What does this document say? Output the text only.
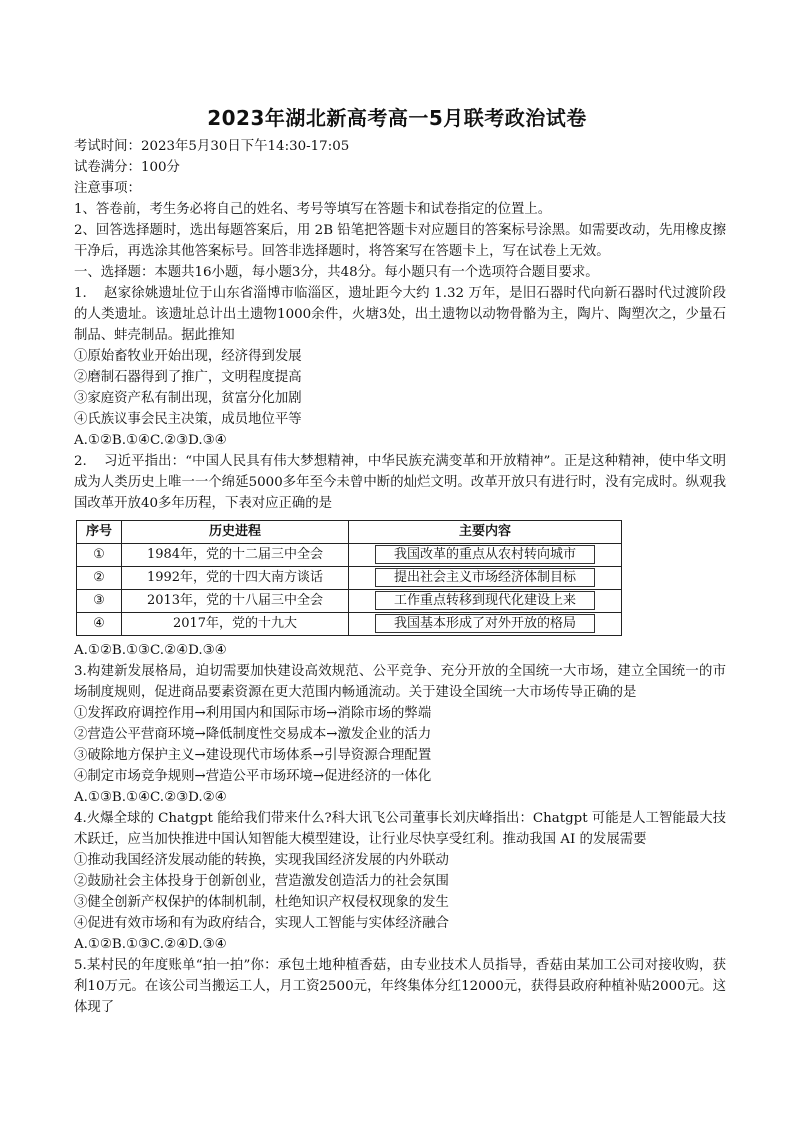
2023年湖北新高考高一5月联考政治试卷
考试时间：2023年5月30日下午14:30-17:05
试卷满分：100分
注意事项：
1、答卷前，考生务必将自己的姓名、考号等填写在答题卡和试卷指定的位置上。
2、回答选择题时，选出每题答案后，用 2B 铅笔把答题卡对应题目的答案标号涂黑。如需要改动，先用橡皮擦干净后，再选涂其他答案标号。回答非选择题时，将答案写在答题卡上，写在试卷上无效。
一、选择题：本题共16小题，每小题3分，共48分。每小题只有一个选项符合题目要求。
1. 赵家徐姚遗址位于山东省淄博市临淄区，遗址距今大约 1.32 万年，是旧石器时代向新石器时代过渡阶段的人类遗址。该遗址总计出土遗物1000余件，火塘3处，出土遗物以动物骨骼为主，陶片、陶塑次之，少量石制品、蚌壳制品。据此推知
①原始畜牧业开始出现，经济得到发展
②磨制石器得到了推广，文明程度提高
③家庭资产私有制出现，贫富分化加剧
④氏族议事会民主决策，成员地位平等
A.①②B.①④C.②③D.③④
2. 习近平指出：“中国人民具有伟大梦想精神，中华民族充满变革和开放精神”。正是这种精神，使中华文明成为人类历史上唯一一个绵延5000多年至今未曾中断的灿烂文明。改革开放只有进行时，没有完成时。纵观我国改革开放40多年历程，下表对应正确的是
序号	历史进程	主要内容
①	1984年，党的十二届三中全会	我国改革的重点从农村转向城市
②	1992年，党的十四大南方谈话	提出社会主义市场经济体制目标
③	2013年，党的十八届三中全会	工作重点转移到现代化建设上来
④	2017年，党的十九大	我国基本形成了对外开放的格局
A.①②B.①③C.②④D.③④
3.构建新发展格局，迫切需要加快建设高效规范、公平竞争、充分开放的全国统一大市场，建立全国统一的市场制度规则，促进商品要素资源在更大范围内畅通流动。关于建设全国统一大市场传导正确的是
①发挥政府调控作用→利用国内和国际市场→消除市场的弊端
②营造公平营商环境→降低制度性交易成本→激发企业的活力
③破除地方保护主义→建设现代市场体系→引导资源合理配置
④制定市场竞争规则→营造公平市场环境→促进经济的一体化
A.①③B.①④C.②③D.②④
4.火爆全球的 Chatgpt 能给我们带来什么?科大讯飞公司董事长刘庆峰指出：Chatgpt 可能是人工智能最大技术跃迁，应当加快推进中国认知智能大模型建设，让行业尽快享受红利。推动我国 AI 的发展需要
①推动我国经济发展动能的转换，实现我国经济发展的内外联动
②鼓励社会主体投身于创新创业，营造激发创造活力的社会氛围
③健全创新产权保护的体制机制，杜绝知识产权侵权现象的发生
④促进有效市场和有为政府结合，实现人工智能与实体经济融合
A.①②B.①③C.②④D.③④
5.某村民的年度账单“拍一拍”你：承包土地种植香菇，由专业技术人员指导，香菇由某加工公司对接收购，获利10万元。在该公司当搬运工人，月工资2500元，年终集体分红12000元，获得县政府种植补贴2000元。这体现了
